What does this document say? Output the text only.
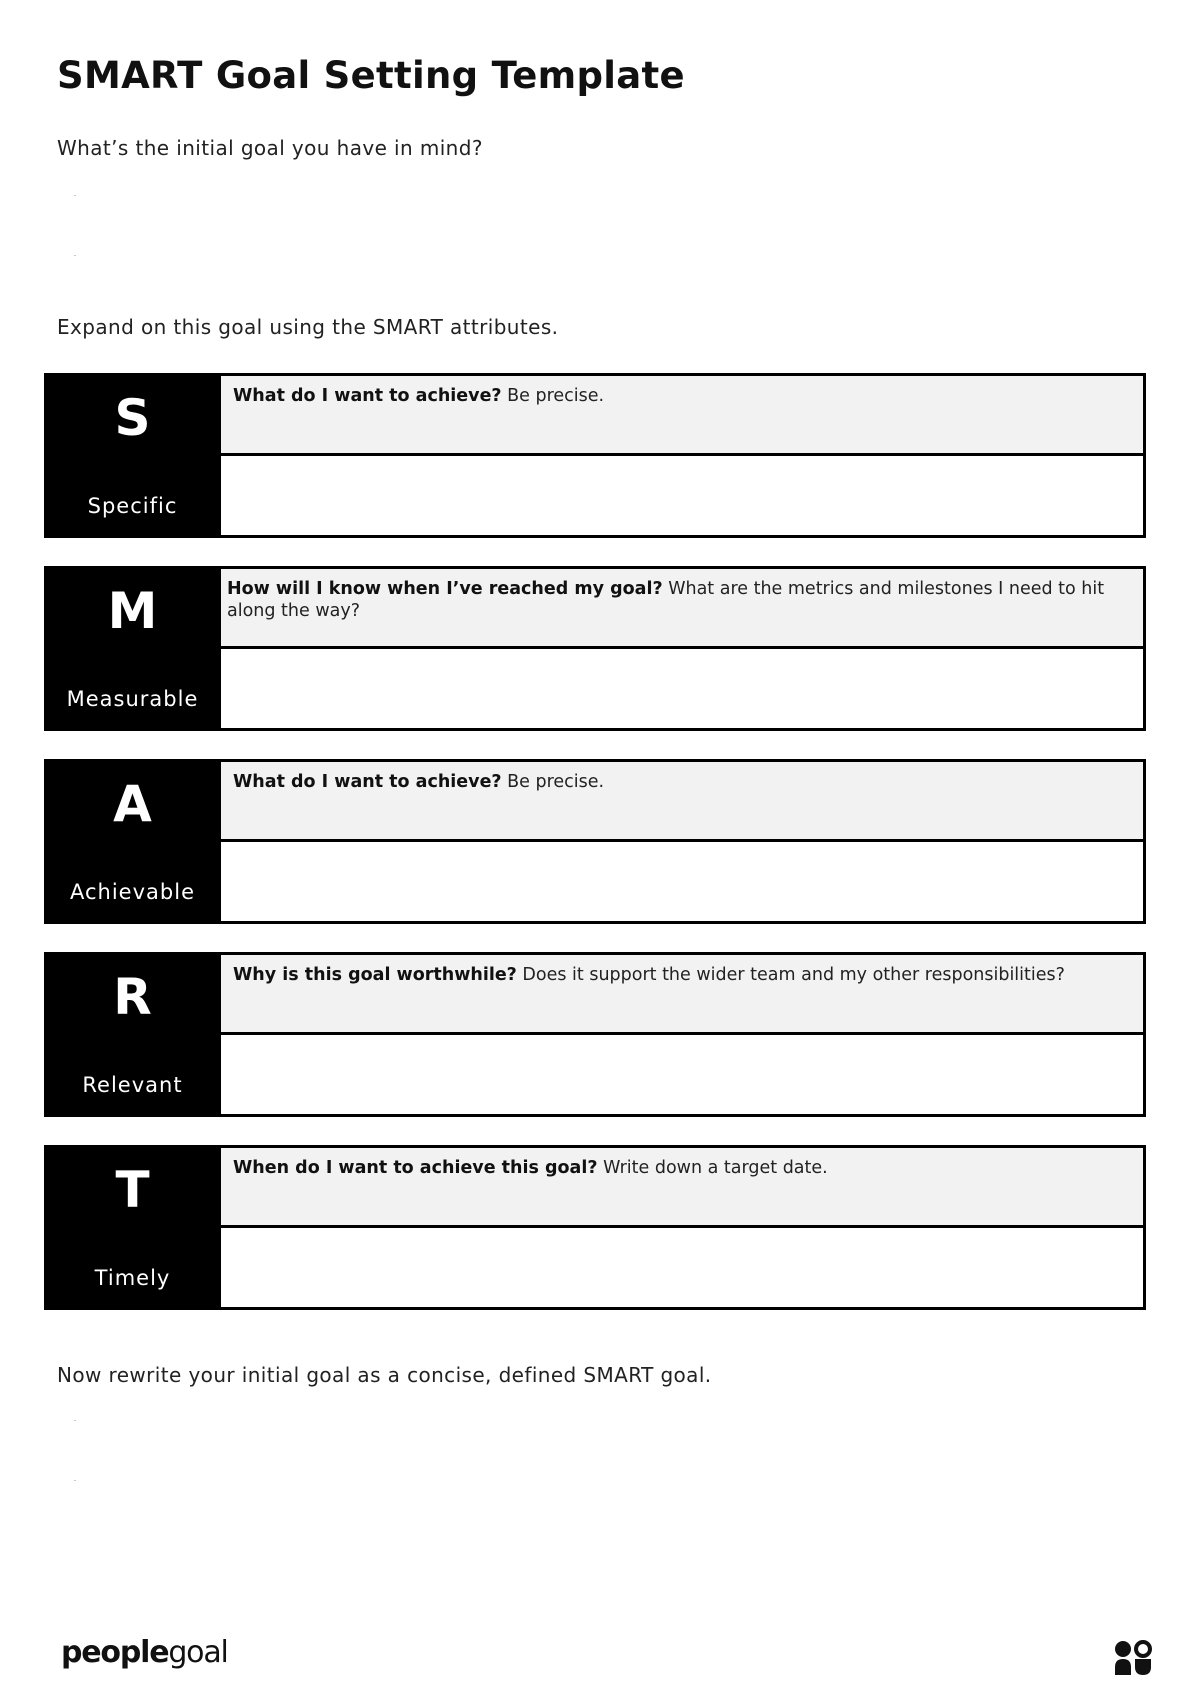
SMART Goal Setting Template
What’s the initial goal you have in mind?
Expand on this goal using the SMART attributes.
S
Specific
What do I want to achieve? Be precise.
M
Measurable
How will I know when I’ve reached my goal? What are the metrics and milestones I need to hit along the way?
A
Achievable
What do I want to achieve? Be precise.
R
Relevant
Why is this goal worthwhile? Does it support the wider team and my other responsibilities?
T
Timely
When do I want to achieve this goal? Write down a target date.
Now rewrite your initial goal as a concise, defined SMART goal.
peoplegoal
